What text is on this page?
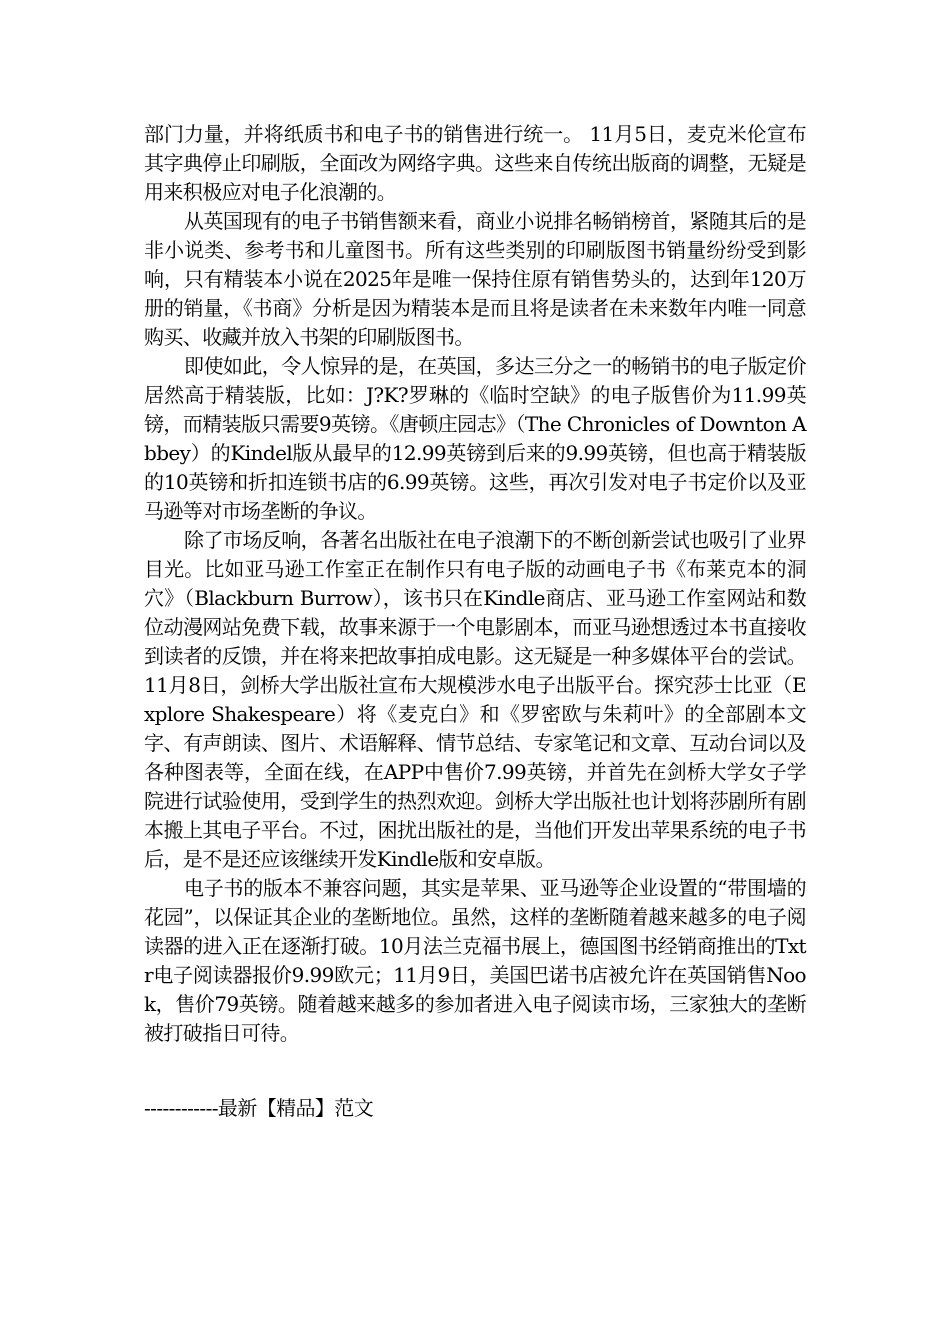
部门力量，并将纸质书和电子书的销售进行统一。 11月5日，麦克米伦宣布其字典停止印刷版，全面改为网络字典。这些来自传统出版商的调整，无疑是用来积极应对电子化浪潮的。

从英国现有的电子书销售额来看，商业小说排名畅销榜首，紧随其后的是非小说类、参考书和儿童图书。所有这些类别的印刷版图书销量纷纷受到影响，只有精装本小说在2025年是唯一保持住原有销售势头的，达到年120万册的销量，《书商》分析是因为精装本是而且将是读者在未来数年内唯一同意购买、收藏并放入书架的印刷版图书。

即使如此，令人惊异的是，在英国，多达三分之一的畅销书的电子版定价居然高于精装版，比如：J?K?罗琳的《临时空缺》的电子版售价为11.99英镑，而精装版只需要9英镑。《唐顿庄园志》（The Chronicles of Downton Abbey）的Kindel版从最早的12.99英镑到后来的9.99英镑，但也高于精装版的10英镑和折扣连锁书店的6.99英镑。这些，再次引发对电子书定价以及亚马逊等对市场垄断的争议。

除了市场反响，各著名出版社在电子浪潮下的不断创新尝试也吸引了业界目光。比如亚马逊工作室正在制作只有电子版的动画电子书《布莱克本的洞穴》（Blackburn Burrow），该书只在Kindle商店、亚马逊工作室网站和数位动漫网站免费下载，故事来源于一个电影剧本，而亚马逊想透过本书直接收到读者的反馈，并在将来把故事拍成电影。这无疑是一种多媒体平台的尝试。11月8日，剑桥大学出版社宣布大规模涉水电子出版平台。探究莎士比亚（Explore Shakespeare）将《麦克白》和《罗密欧与朱莉叶》的全部剧本文字、有声朗读、图片、术语解释、情节总结、专家笔记和文章、互动台词以及各种图表等，全面在线，在APP中售价7.99英镑，并首先在剑桥大学女子学院进行试验使用，受到学生的热烈欢迎。剑桥大学出版社也计划将莎剧所有剧本搬上其电子平台。不过，困扰出版社的是，当他们开发出苹果系统的电子书后，是不是还应该继续开发Kindle版和安卓版。

电子书的版本不兼容问题，其实是苹果、亚马逊等企业设置的“带围墙的花园”，以保证其企业的垄断地位。虽然，这样的垄断随着越来越多的电子阅读器的进入正在逐渐打破。10月法兰克福书展上，德国图书经销商推出的Txtr电子阅读器报价9.99欧元；11月9日，美国巴诺书店被允许在英国销售Nook，售价79英镑。随着越来越多的参加者进入电子阅读市场，三家独大的垄断被打破指日可待。

------------最新【精品】范文
